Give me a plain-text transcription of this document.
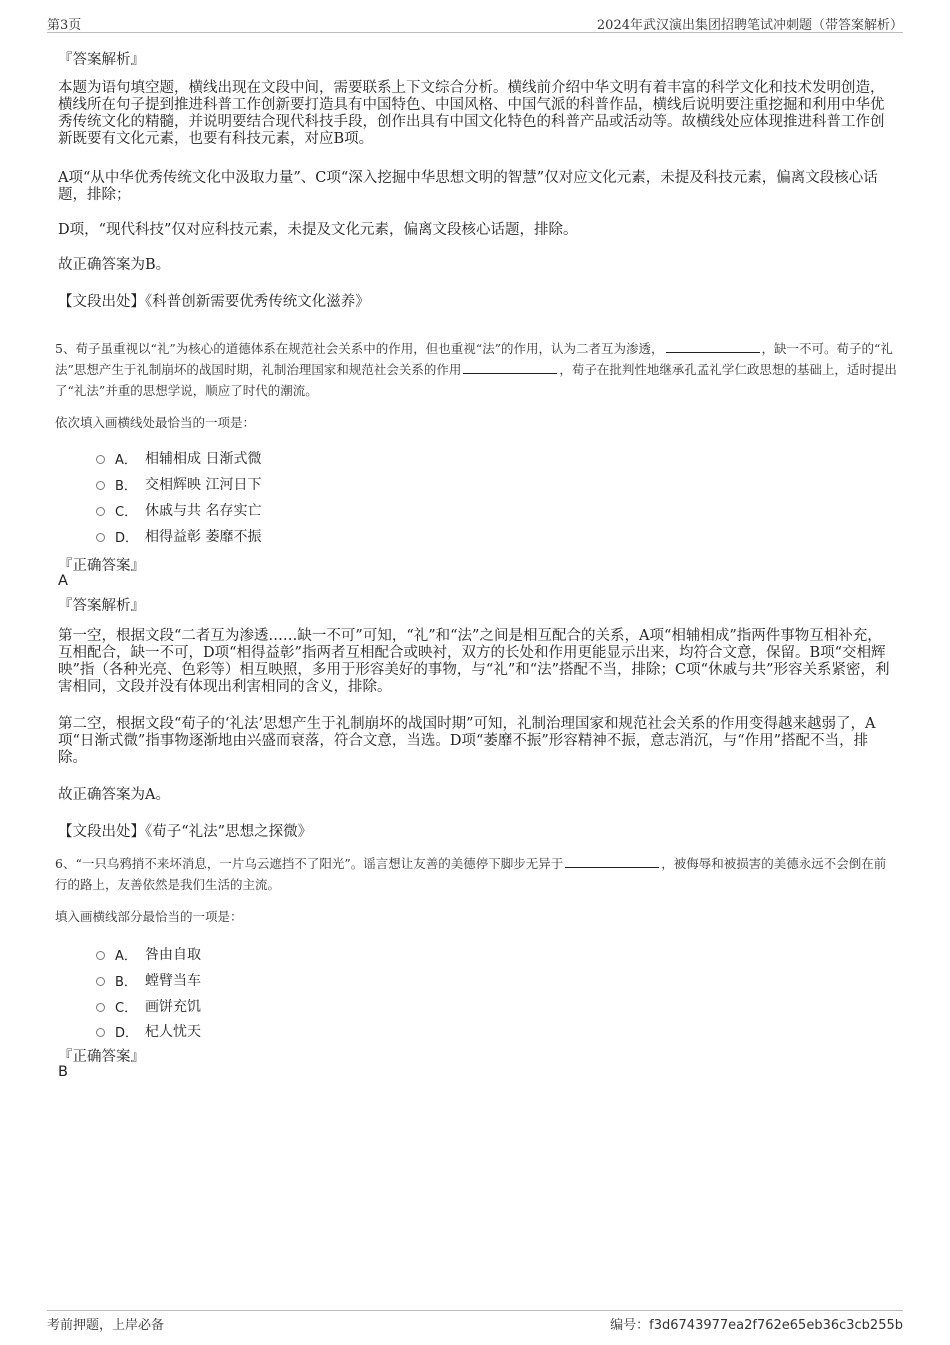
第3页	2024年武汉演出集团招聘笔试冲刺题（带答案解析）
『答案解析』
本题为语句填空题，横线出现在文段中间，需要联系上下文综合分析。横线前介绍中华文明有着丰富的科学文化和技术发明创造，横线所在句子提到推进科普工作创新要打造具有中国特色、中国风格、中国气派的科普作品，横线后说明要注重挖掘和利用中华优秀传统文化的精髓，并说明要结合现代科技手段，创作出具有中国文化特色的科普产品或活动等。故横线处应体现推进科普工作创新既要有文化元素，也要有科技元素，对应B项。
A项“从中华优秀传统文化中汲取力量”、C项“深入挖掘中华思想文明的智慧”仅对应文化元素，未提及科技元素，偏离文段核心话题，排除；
D项，“现代科技”仅对应科技元素，未提及文化元素，偏离文段核心话题，排除。
故正确答案为B。
【文段出处】《科普创新需要优秀传统文化滋养》
5、荀子虽重视以“礼”为核心的道德体系在规范社会关系中的作用，但也重视“法”的作用，认为二者互为渗透，	，缺一不可。荀子的“礼法”思想产生于礼制崩坏的战国时期，礼制治理国家和规范社会关系的作用	，荀子在批判性地继承孔孟礼学仁政思想的基础上，适时提出了“礼法”并重的思想学说，顺应了时代的潮流。
依次填入画横线处最恰当的一项是：
A． 相辅相成 日渐式微
B． 交相辉映 江河日下
C． 休戚与共 名存实亡
D． 相得益彰 萎靡不振
『正确答案』
A
『答案解析』
第一空，根据文段“二者互为渗透……缺一不可”可知，“礼”和“法”之间是相互配合的关系，A项“相辅相成”指两件事物互相补充，互相配合，缺一不可，D项“相得益彰”指两者互相配合或映衬，双方的长处和作用更能显示出来，均符合文意，保留。B项“交相辉映”指（各种光亮、色彩等）相互映照，多用于形容美好的事物，与“礼”和“法”搭配不当，排除；C项“休戚与共”形容关系紧密，利害相同，文段并没有体现出利害相同的含义，排除。
第二空，根据文段“荀子的‘礼法’思想产生于礼制崩坏的战国时期”可知，礼制治理国家和规范社会关系的作用变得越来越弱了，A项“日渐式微”指事物逐渐地由兴盛而衰落，符合文意，当选。D项“萎靡不振”形容精神不振，意志消沉，与“作用”搭配不当，排除。
故正确答案为A。
【文段出处】《荀子“礼法”思想之探微》
6、“一只乌鸦捎不来坏消息，一片乌云遮挡不了阳光”。谣言想让友善的美德停下脚步无异于	，被侮辱和被损害的美德永远不会倒在前行的路上，友善依然是我们生活的主流。
填入画横线部分最恰当的一项是：
A． 咎由自取
B． 螳臂当车
C． 画饼充饥
D． 杞人忧天
『正确答案』
B
考前押题，上岸必备	编号：f3d6743977ea2f762e65eb36c3cb255b
